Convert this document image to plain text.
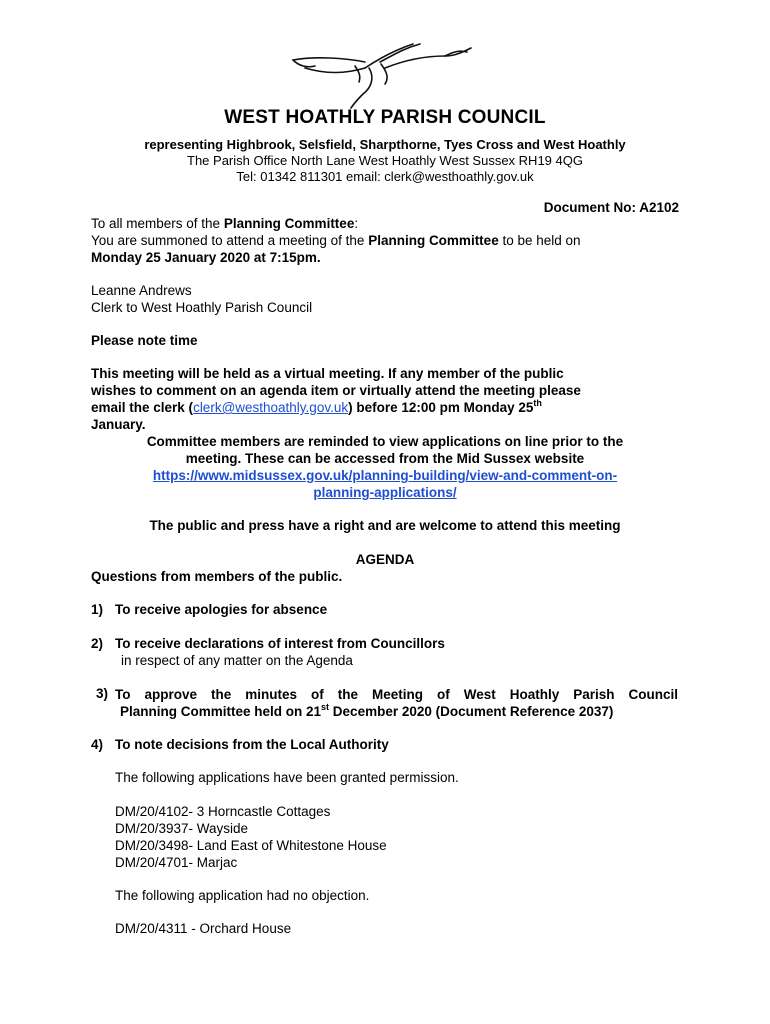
WEST HOATHLY PARISH COUNCIL
representing Highbrook, Selsfield, Sharpthorne, Tyes Cross and West Hoathly
The Parish Office North Lane West Hoathly West Sussex RH19 4QG
Tel: 01342 811301 email: clerk@westhoathly.gov.uk
Document No: A2102
To all members of the Planning Committee:
You are summoned to attend a meeting of the Planning Committee to be held on
Monday 25 January 2020 at 7:15pm.
Leanne Andrews
Clerk to West Hoathly Parish Council
Please note time
This meeting will be held as a virtual meeting. If any member of the public
wishes to comment on an agenda item or virtually attend the meeting please
email the clerk (clerk@westhoathly.gov.uk) before 12:00 pm Monday 25th
January.
Committee members are reminded to view applications on line prior to the
meeting. These can be accessed from the Mid Sussex website
https://www.midsussex.gov.uk/planning-building/view-and-comment-on-
planning-applications/
The public and press have a right and are welcome to attend this meeting
AGENDA
Questions from members of the public.
1) To receive apologies for absence
2) To receive declarations of interest from Councillors
in respect of any matter on the Agenda
3) To approve the minutes of the Meeting of West Hoathly Parish Council
Planning Committee held on 21st December 2020 (Document Reference 2037)
4) To note decisions from the Local Authority
The following applications have been granted permission.
DM/20/4102- 3 Horncastle Cottages
DM/20/3937- Wayside
DM/20/3498- Land East of Whitestone House
DM/20/4701- Marjac
The following application had no objection.
DM/20/4311 - Orchard House
